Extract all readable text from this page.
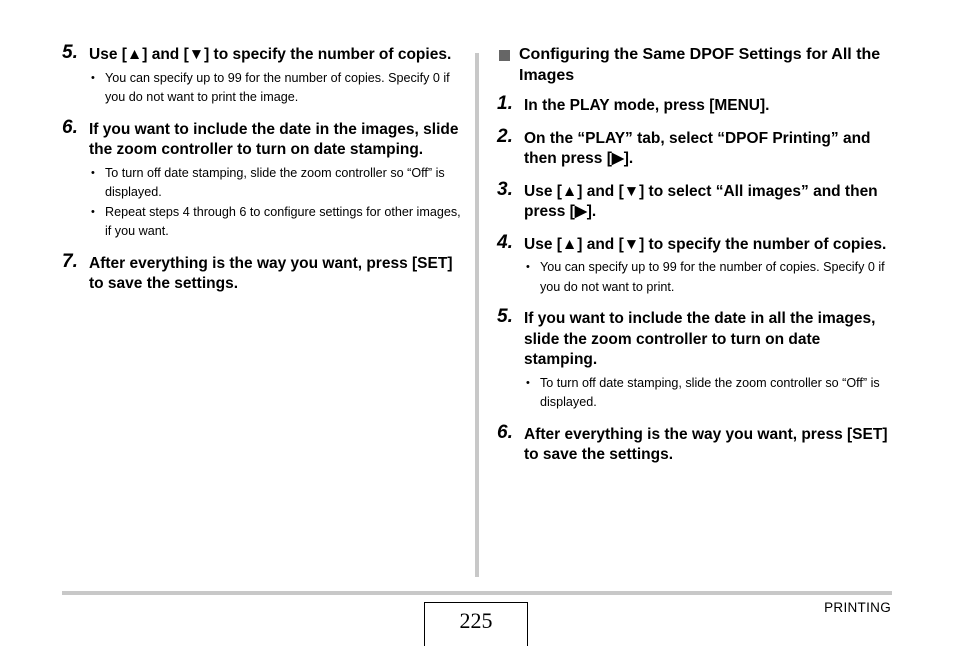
5. Use [▲] and [▼] to specify the number of copies.
• You can specify up to 99 for the number of copies. Specify 0 if you do not want to print the image.
6. If you want to include the date in the images, slide the zoom controller to turn on date stamping.
• To turn off date stamping, slide the zoom controller so “Off” is displayed.
• Repeat steps 4 through 6 to configure settings for other images, if you want.
7. After everything is the way you want, press [SET] to save the settings.
Configuring the Same DPOF Settings for All the Images
1. In the PLAY mode, press [MENU].
2. On the “PLAY” tab, select “DPOF Printing” and then press [▶].
3. Use [▲] and [▼] to select “All images” and then press [▶].
4. Use [▲] and [▼] to specify the number of copies.
• You can specify up to 99 for the number of copies. Specify 0 if you do not want to print.
5. If you want to include the date in all the images, slide the zoom controller to turn on date stamping.
• To turn off date stamping, slide the zoom controller so “Off” is displayed.
6. After everything is the way you want, press [SET] to save the settings.
225
PRINTING
